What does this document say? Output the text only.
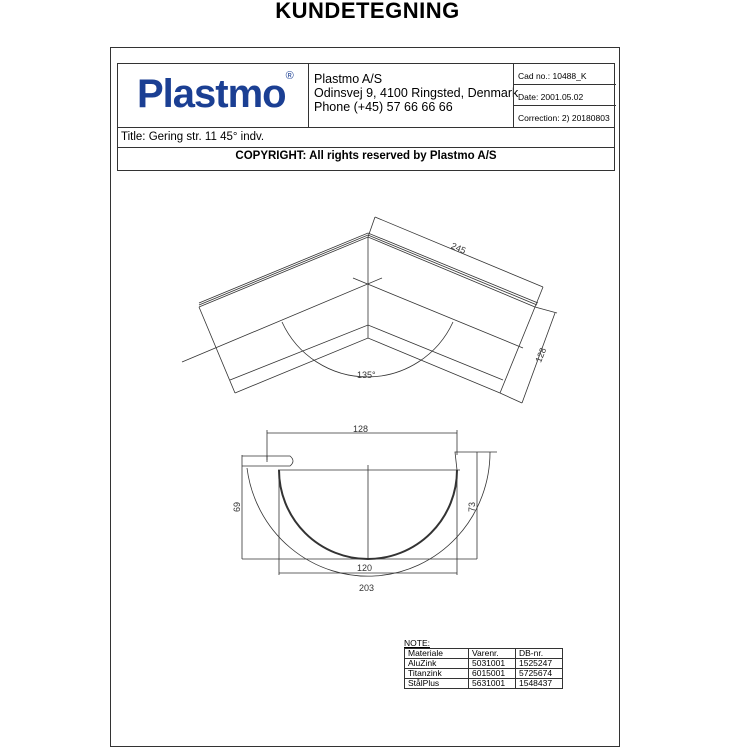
KUNDETEGNING
Plastmo® Plastmo A/S
Odinsvej 9, 4100 Ringsted, Denmark
Phone (+45) 57 66 66 66
Cad no.: 10488_K
Date: 2001.05.02
Correction: 2) 20180803
Title: Gering str. 11 45° indv.
COPYRIGHT: All rights reserved by Plastmo A/S
245
128
135°
128
69	73
120
203
NOTE:
Materiale	Varenr.	DB-nr.
AluZink	5031001	1525247
Titanzink	6015001	5725674
StålPlus	5631001	1548437
